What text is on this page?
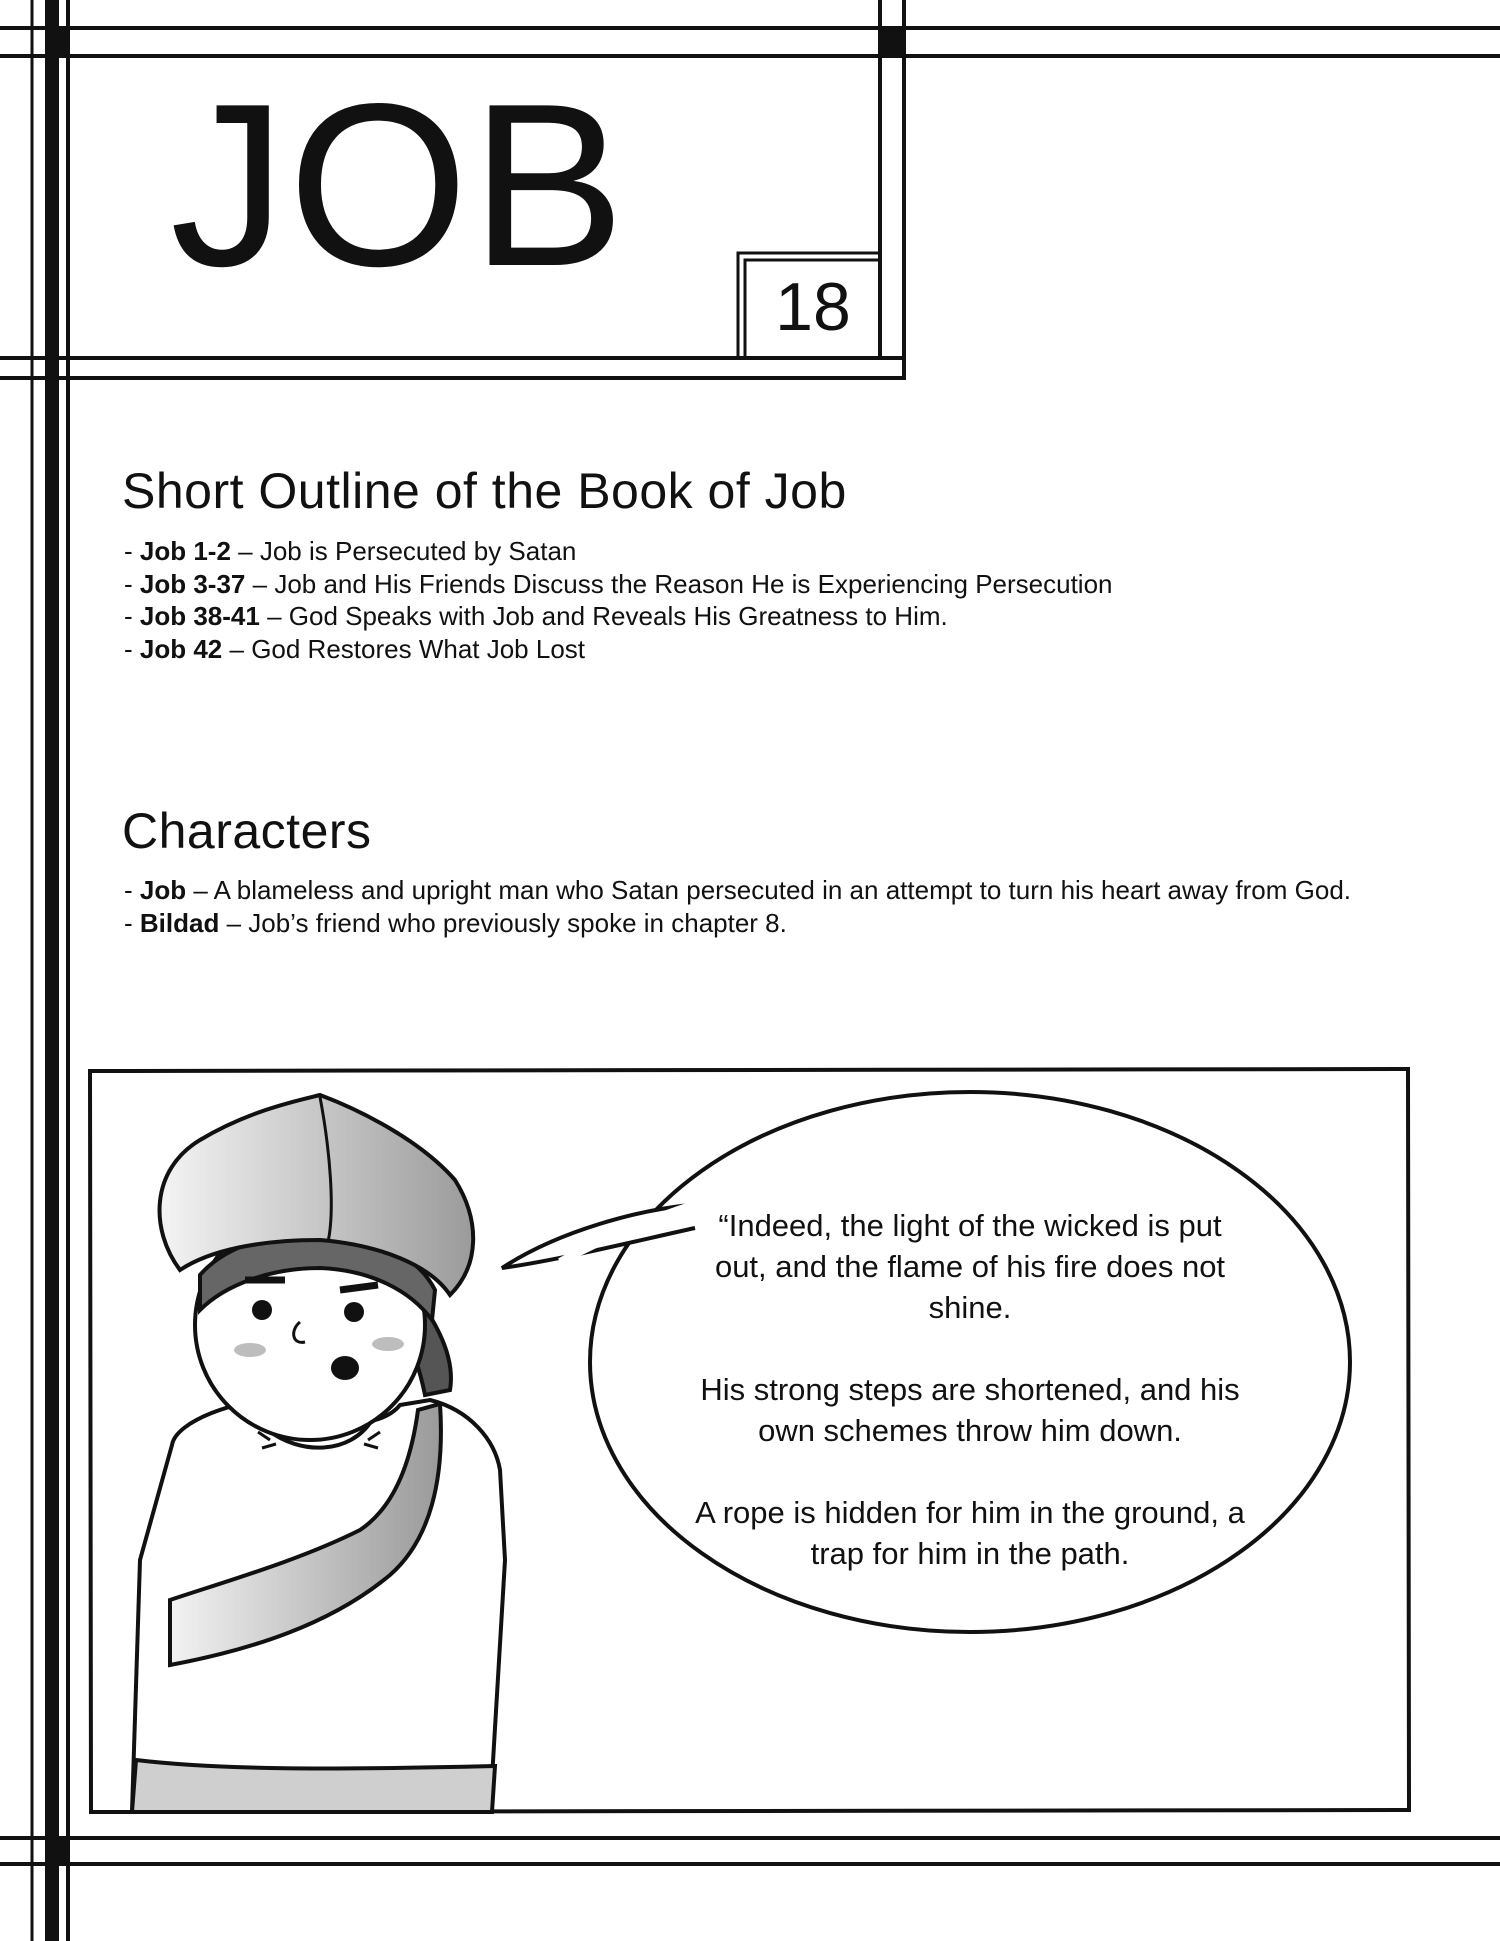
JOB	18
Short Outline of the Book of Job
- Job 1-2 – Job is Persecuted by Satan
- Job 3-37 – Job and His Friends Discuss the Reason He is Experiencing Persecution
- Job 38-41 – God Speaks with Job and Reveals His Greatness to Him.
- Job 42 – God Restores What Job Lost
Characters
- Job – A blameless and upright man who Satan persecuted in an attempt to turn his heart away from God.
- Bildad – Job’s friend who previously spoke in chapter 8.

“Indeed, the light of the wicked is put out, and the flame of his fire does not shine.

His strong steps are shortened, and his own schemes throw him down.

A rope is hidden for him in the ground, a trap for him in the path.
